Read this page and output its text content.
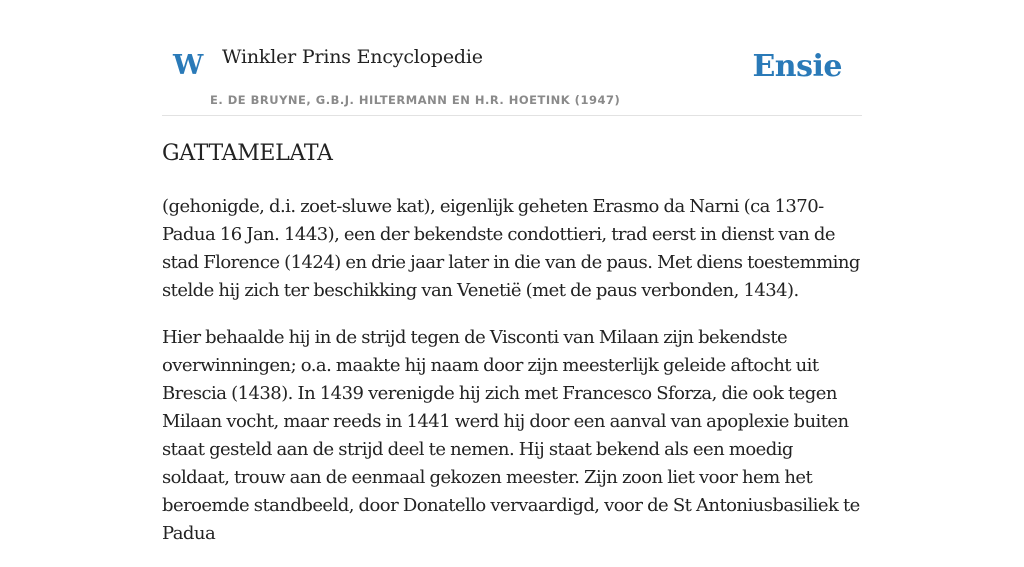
W Winkler Prins Encyclopedie	Ensie
E. DE BRUYNE, G.B.J. HILTERMANN EN H.R. HOETINK (1947)
GATTAMELATA

(gehonigde, d.i. zoet-sluwe kat), eigenlijk geheten Erasmo da Narni (ca 1370-Padua 16 Jan. 1443), een der bekendste condottieri, trad eerst in dienst van de stad Florence (1424) en drie jaar later in die van de paus. Met diens toestemming stelde hij zich ter beschikking van Venetië (met de paus verbonden, 1434).

Hier behaalde hij in de strijd tegen de Visconti van Milaan zijn bekendste overwinningen; o.a. maakte hij naam door zijn meesterlijk geleide aftocht uit Brescia (1438). In 1439 verenigde hij zich met Francesco Sforza, die ook tegen Milaan vocht, maar reeds in 1441 werd hij door een aanval van apoplexie buiten staat gesteld aan de strijd deel te nemen. Hij staat bekend als een moedig soldaat, trouw aan de eenmaal gekozen meester. Zijn zoon liet voor hem het beroemde standbeeld, door Donatello vervaardigd, voor de St Antoniusbasiliek te Padua
